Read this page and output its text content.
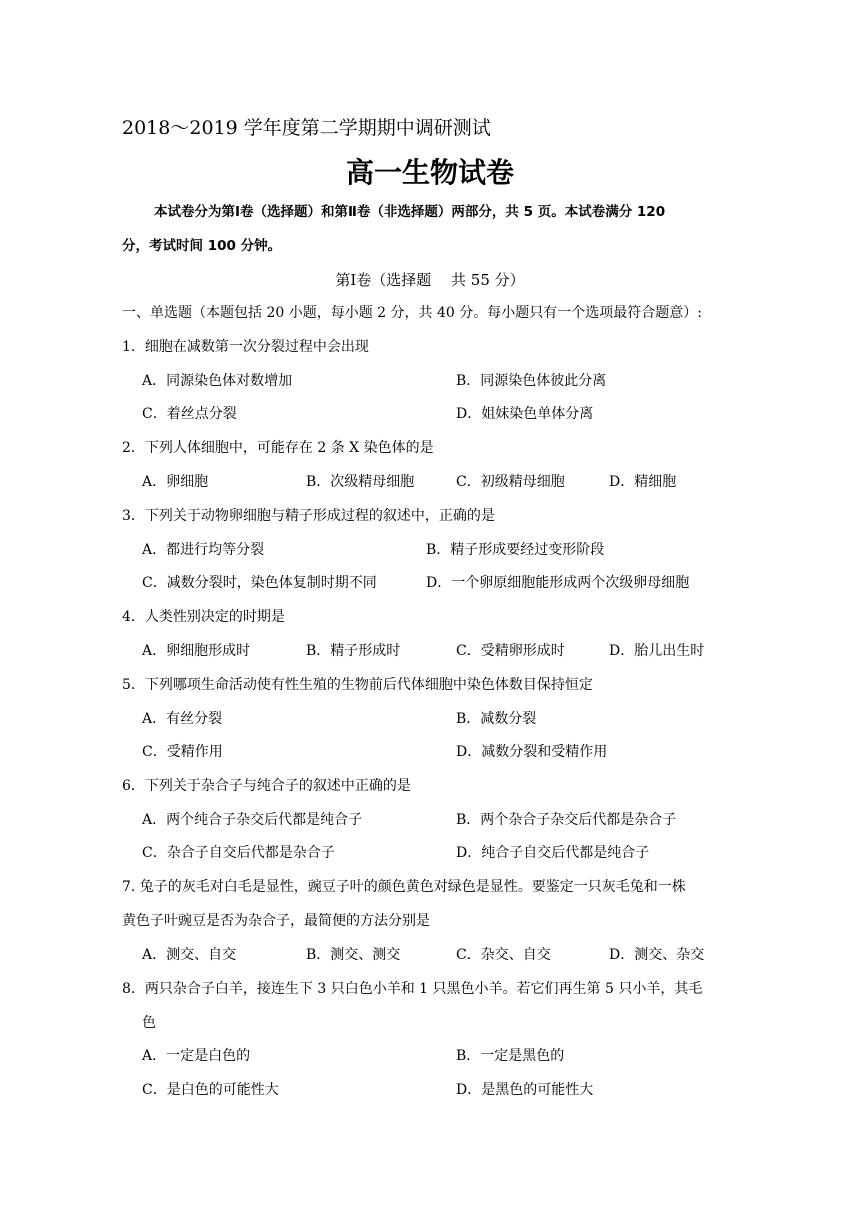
2018～2019 学年度第二学期期中调研测试
高一生物试卷
本试卷分为第Ⅰ卷（选择题）和第Ⅱ卷（非选择题）两部分，共 5 页。本试卷满分 120
分，考试时间 100 分钟。
第Ⅰ卷（选择题　 共 55 分）
一、单选题（本题包括 20 小题，每小题 2 分，共 40 分。每小题只有一个选项最符合题意）:
1．细胞在减数第一次分裂过程中会出现
A．同源染色体对数增加	B．同源染色体彼此分离
C．着丝点分裂	D．姐妹染色单体分离
2．下列人体细胞中，可能存在 2 条 X 染色体的是
A．卵细胞	B．次级精母细胞	C．初级精母细胞	D．精细胞
3．下列关于动物卵细胞与精子形成过程的叙述中，正确的是
A．都进行均等分裂	B．精子形成要经过变形阶段
C．减数分裂时，染色体复制时期不同	D．一个卵原细胞能形成两个次级卵母细胞
4．人类性别决定的时期是
A．卵细胞形成时	B．精子形成时	C．受精卵形成时	D．胎儿出生时
5．下列哪项生命活动使有性生殖的生物前后代体细胞中染色体数目保持恒定
A．有丝分裂	B．减数分裂
C．受精作用	D．减数分裂和受精作用
6．下列关于杂合子与纯合子的叙述中正确的是
A．两个纯合子杂交后代都是纯合子	B．两个杂合子杂交后代都是杂合子
C．杂合子自交后代都是杂合子	D．纯合子自交后代都是纯合子
7. 兔子的灰毛对白毛是显性，豌豆子叶的颜色黄色对绿色是显性。要鉴定一只灰毛兔和一株
黄色子叶豌豆是否为杂合子，最简便的方法分别是
A．测交、自交	B．测交、测交	C．杂交、自交	D．测交、杂交
8．两只杂合子白羊，接连生下 3 只白色小羊和 1 只黑色小羊。若它们再生第 5 只小羊，其毛
色
A．一定是白色的	B．一定是黑色的
C．是白色的可能性大	D．是黑色的可能性大
